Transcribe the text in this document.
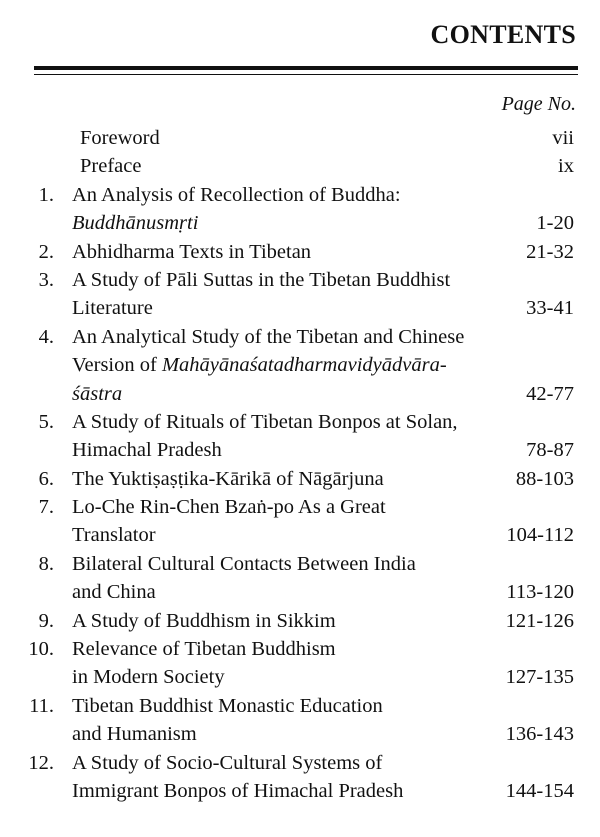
CONTENTS
Page No.
Foreword	vii
Preface	ix
1. An Analysis of Recollection of Buddha:
Buddhānusmṛti	1-20
2. Abhidharma Texts in Tibetan	21-32
3. A Study of Pāli Suttas in the Tibetan Buddhist
Literature	33-41
4. An Analytical Study of the Tibetan and Chinese
Version of Mahāyānaśatadharmavidyādvāra-
śāstra	42-77
5. A Study of Rituals of Tibetan Bonpos at Solan,
Himachal Pradesh	78-87
6. The Yuktiṣaṣṭika-Kārikā of Nāgārjuna	88-103
7. Lo-Che Rin-Chen Bzaṅ-po As a Great
Translator	104-112
8. Bilateral Cultural Contacts Between India
and China	113-120
9. A Study of Buddhism in Sikkim	121-126
10. Relevance of Tibetan Buddhism
in Modern Society	127-135
11. Tibetan Buddhist Monastic Education
and Humanism	136-143
12. A Study of Socio-Cultural Systems of
Immigrant Bonpos of Himachal Pradesh	144-154
